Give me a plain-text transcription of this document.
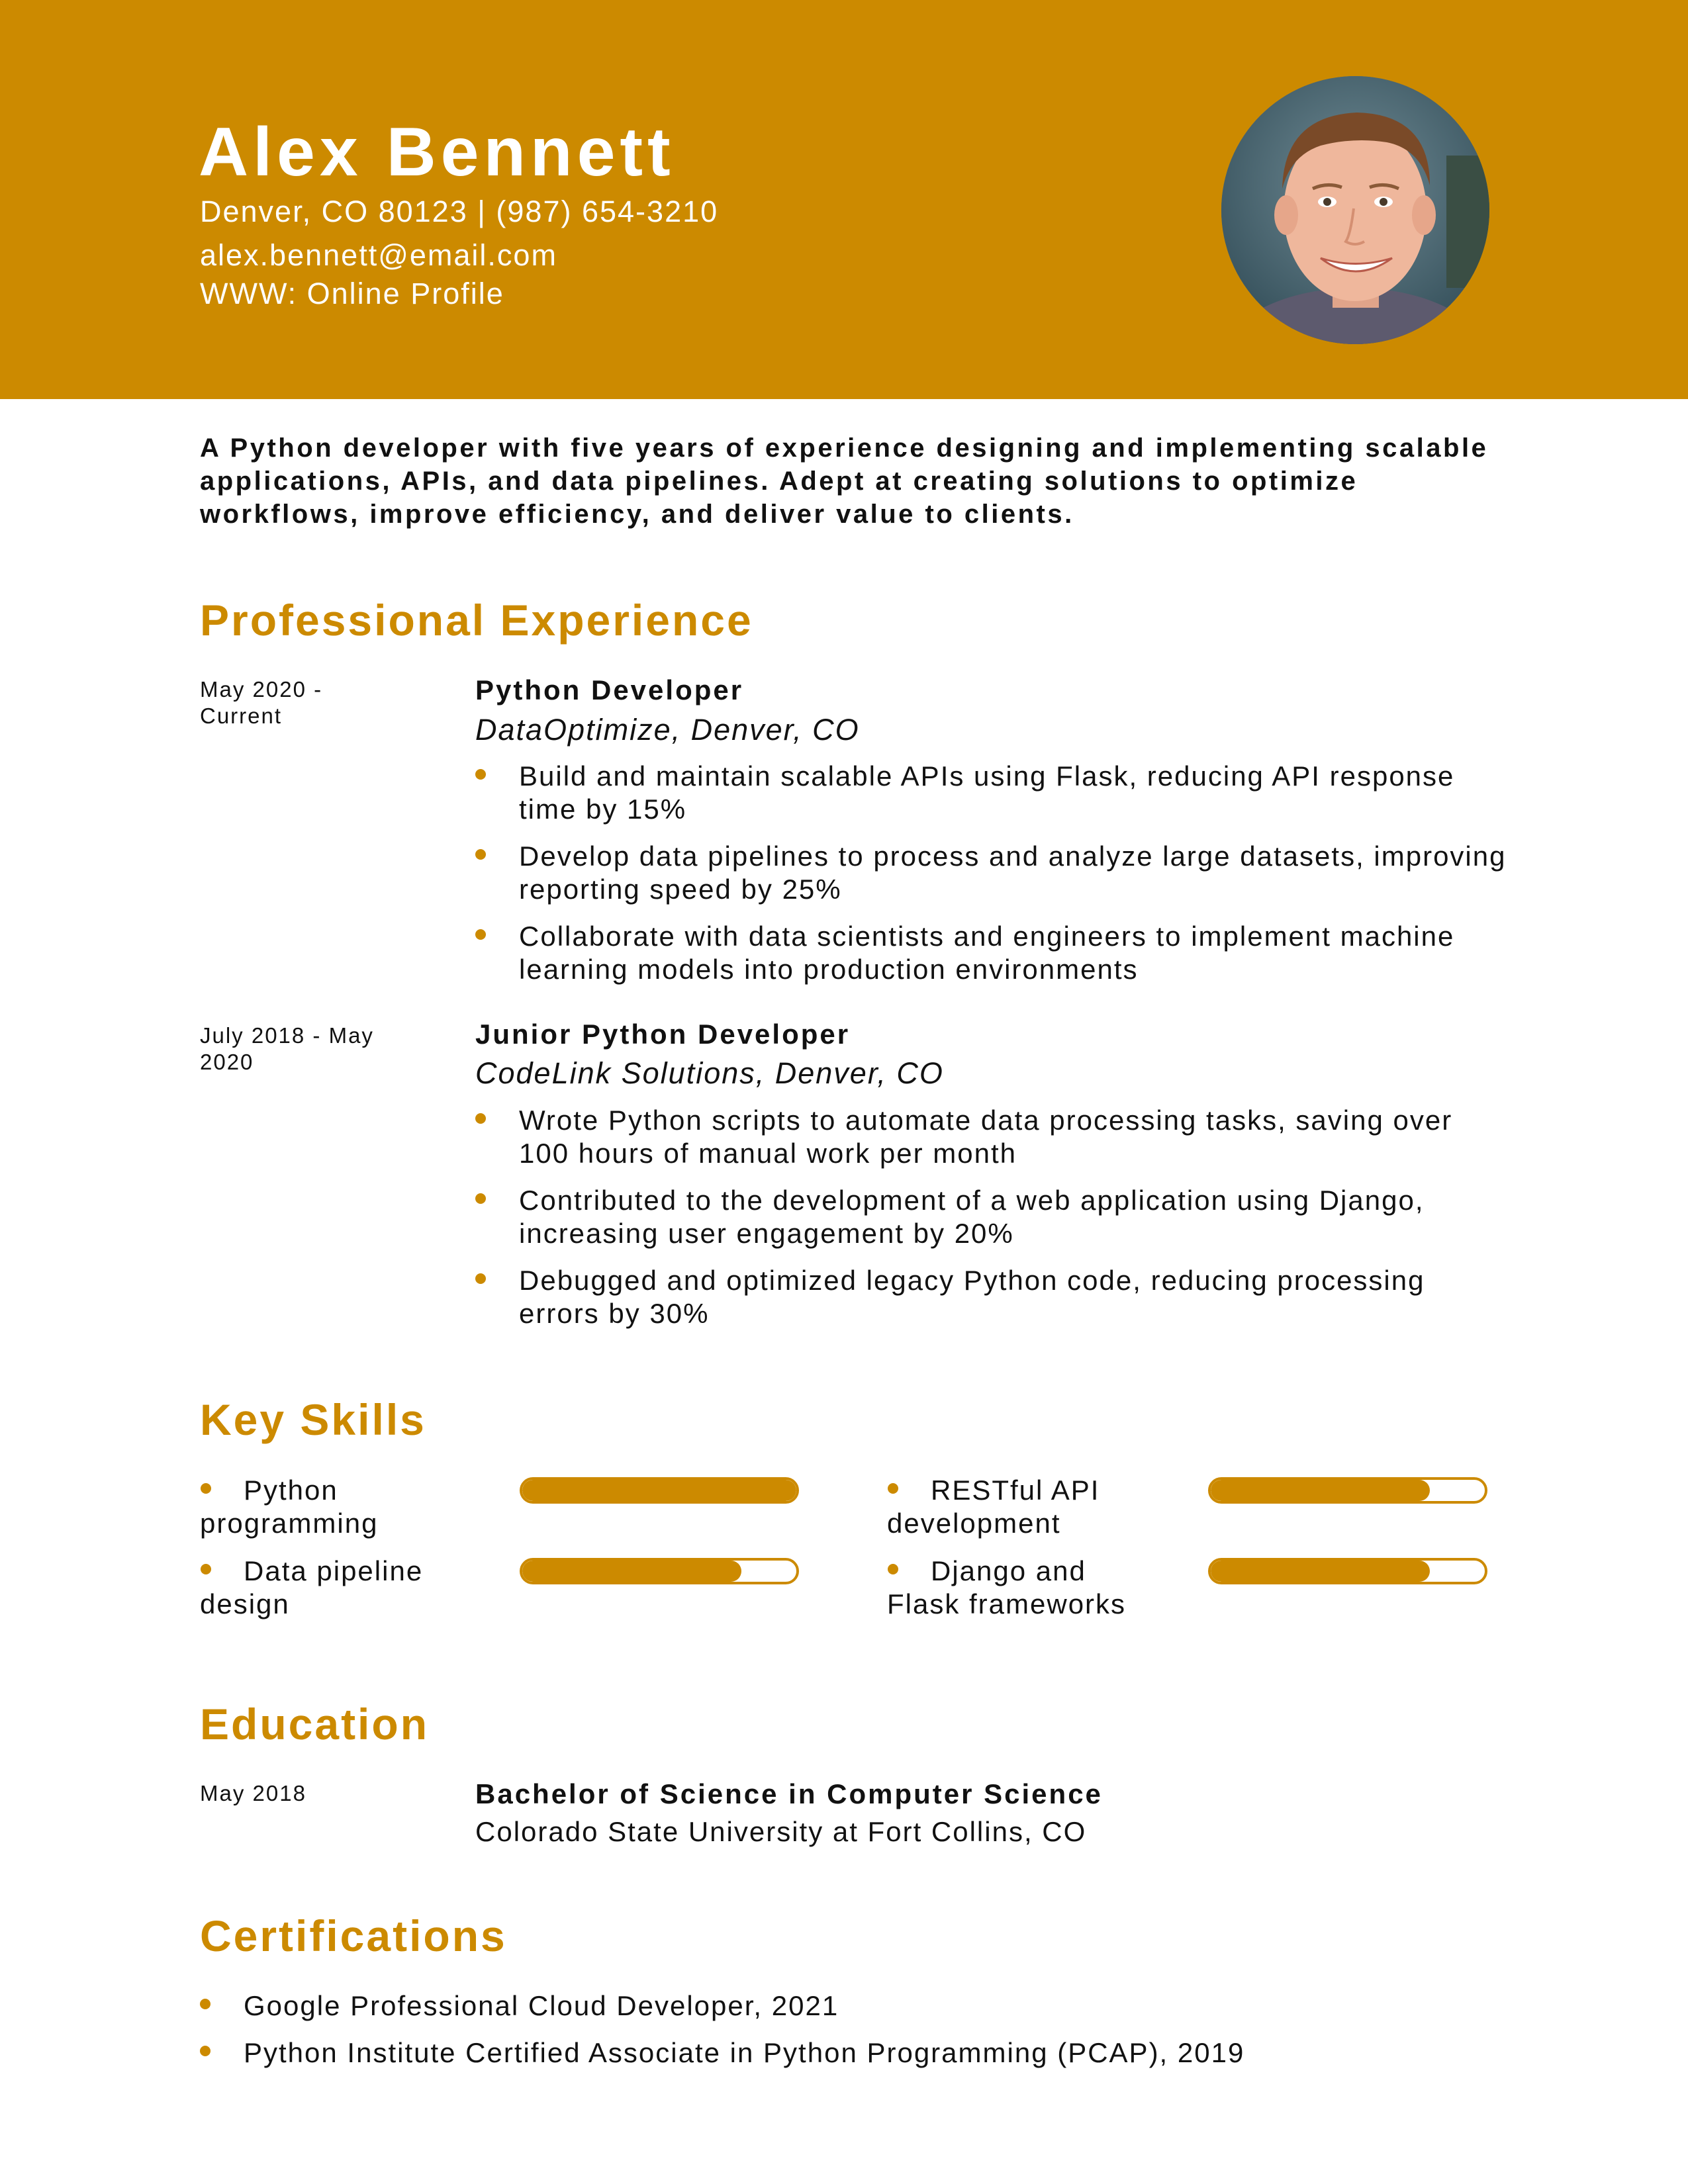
Alex Bennett
Denver, CO 80123 | (987) 654-3210
alex.bennett@email.com
WWW: Online Profile
A Python developer with five years of experience designing and implementing scalable applications, APIs, and data pipelines. Adept at creating solutions to optimize workflows, improve efficiency, and deliver value to clients.
Professional Experience
May 2020 - Current
Python Developer
DataOptimize, Denver, CO
Build and maintain scalable APIs using Flask, reducing API response time by 15%
Develop data pipelines to process and analyze large datasets, improving reporting speed by 25%
Collaborate with data scientists and engineers to implement machine learning models into production environments
July 2018 - May 2020
Junior Python Developer
CodeLink Solutions, Denver, CO
Wrote Python scripts to automate data processing tasks, saving over 100 hours of manual work per month
Contributed to the development of a web application using Django, increasing user engagement by 20%
Debugged and optimized legacy Python code, reducing processing errors by 30%
Key Skills
Python
programming
RESTful API
development
Data pipeline
design
Django and
Flask frameworks
Education
May 2018	Bachelor of Science in Computer Science
Colorado State University at Fort Collins, CO
Certifications
Google Professional Cloud Developer, 2021
Python Institute Certified Associate in Python Programming (PCAP), 2019
